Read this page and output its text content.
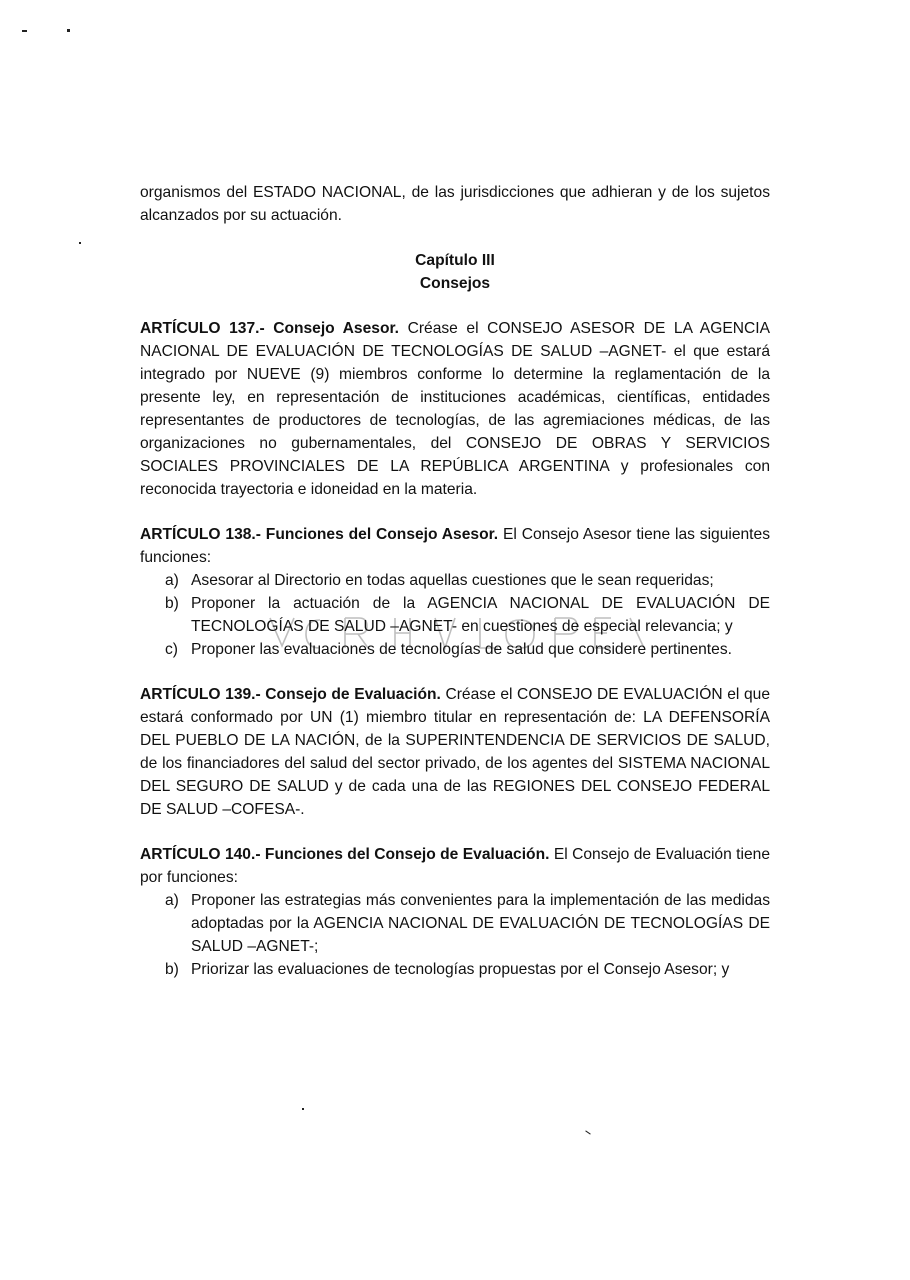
organismos del ESTADO NACIONAL, de las jurisdicciones que adhieran y de los sujetos alcanzados por su actuación.

Capítulo III
Consejos

ARTÍCULO 137.- Consejo Asesor. Créase el CONSEJO ASESOR DE LA AGENCIA NACIONAL DE EVALUACIÓN DE TECNOLOGÍAS DE SALUD –AGNET- el que estará integrado por NUEVE (9) miembros conforme lo determine la reglamentación de la presente ley, en representación de instituciones académicas, científicas, entidades representantes de productores de tecnologías, de las agremiaciones médicas, de las organizaciones no gubernamentales, del CONSEJO DE OBRAS Y SERVICIOS SOCIALES PROVINCIALES DE LA REPÚBLICA ARGENTINA y profesionales con reconocida trayectoria e idoneidad en la materia.

ARTÍCULO 138.- Funciones del Consejo Asesor. El Consejo Asesor tiene las siguientes funciones:

a) Asesorar al Directorio en todas aquellas cuestiones que le sean requeridas;
b) Proponer la actuación de la AGENCIA NACIONAL DE EVALUACIÓN DE TECNOLOGÍAS DE SALUD –AGNET- en cuestiones de especial relevancia; y
c) Proponer las evaluaciones de tecnologías de salud que considere pertinentes.

ARTÍCULO 139.- Consejo de Evaluación. Créase el CONSEJO DE EVALUACIÓN el que estará conformado por UN (1) miembro titular en representación de: LA DEFENSORÍA DEL PUEBLO DE LA NACIÓN, de la SUPERINTENDENCIA DE SERVICIOS DE SALUD, de los financiadores del salud del sector privado, de los agentes del SISTEMA NACIONAL DEL SEGURO DE SALUD y de cada una de las REGIONES DEL CONSEJO FEDERAL DE SALUD –COFESA-.

ARTÍCULO 140.- Funciones del Consejo de Evaluación. El Consejo de Evaluación tiene por funciones:

a) Proponer las estrategias más convenientes para la implementación de las medidas adoptadas por la AGENCIA NACIONAL DE EVALUACIÓN DE TECNOLOGÍAS DE SALUD –AGNET-;
b) Priorizar las evaluaciones de tecnologías propuestas por el Consejo Asesor; y
